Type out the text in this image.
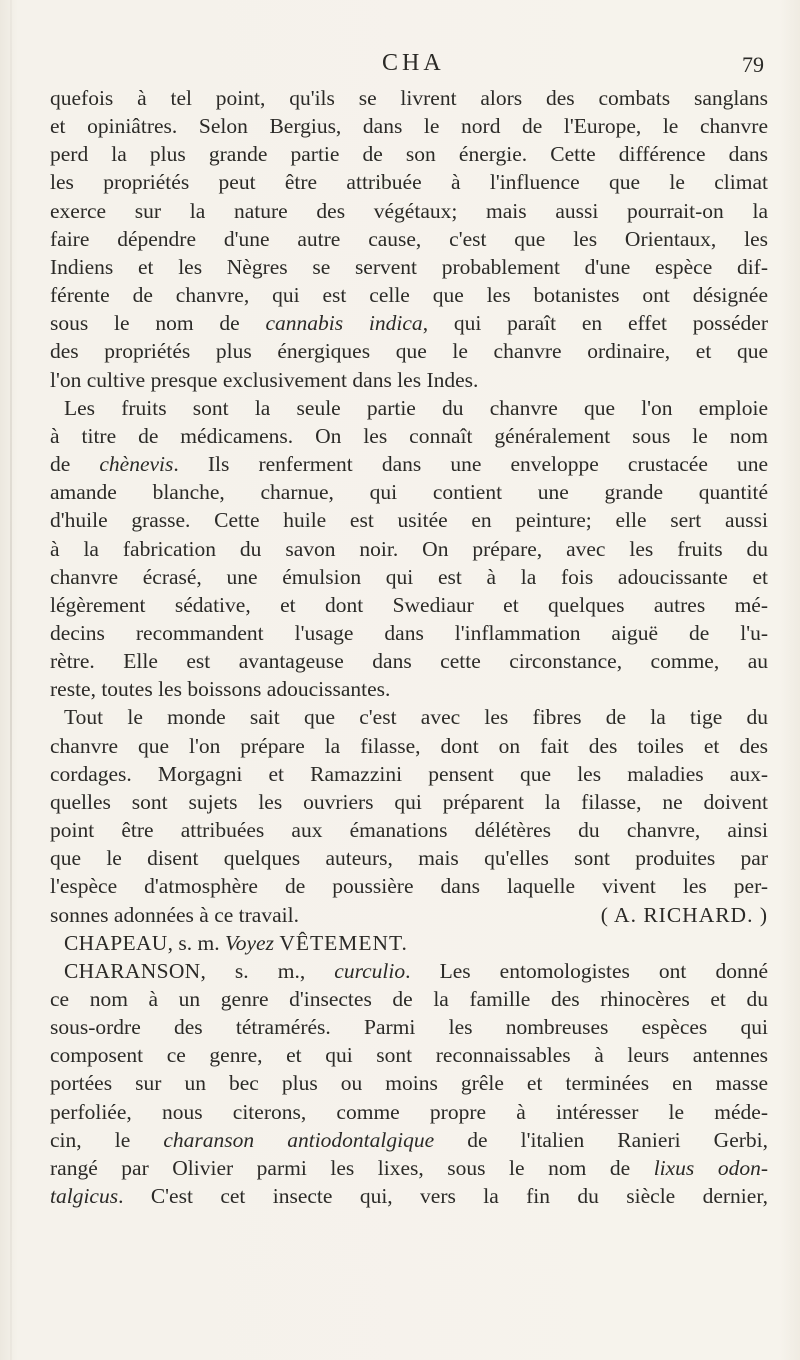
CHA	79

quefois à tel point, qu'ils se livrent alors des combats sanglans
et opiniâtres. Selon Bergius, dans le nord de l'Europe, le chanvre
perd la plus grande partie de son énergie. Cette différence dans
les propriétés peut être attribuée à l'influence que le climat
exerce sur la nature des végétaux; mais aussi pourrait-on la
faire dépendre d'une autre cause, c'est que les Orientaux, les
Indiens et les Nègres se servent probablement d'une espèce dif-
férente de chanvre, qui est celle que les botanistes ont désignée
sous le nom de cannabis indica, qui paraît en effet posséder
des propriétés plus énergiques que le chanvre ordinaire, et que
l'on cultive presque exclusivement dans les Indes.

Les fruits sont la seule partie du chanvre que l'on emploie
à titre de médicamens. On les connaît généralement sous le nom
de chènevis. Ils renferment dans une enveloppe crustacée une
amande blanche, charnue, qui contient une grande quantité
d'huile grasse. Cette huile est usitée en peinture; elle sert aussi
à la fabrication du savon noir. On prépare, avec les fruits du
chanvre écrasé, une émulsion qui est à la fois adoucissante et
légèrement sédative, et dont Swediaur et quelques autres mé-
decins recommandent l'usage dans l'inflammation aiguë de l'u-
rètre. Elle est avantageuse dans cette circonstance, comme, au
reste, toutes les boissons adoucissantes.

Tout le monde sait que c'est avec les fibres de la tige du
chanvre que l'on prépare la filasse, dont on fait des toiles et des
cordages. Morgagni et Ramazzini pensent que les maladies aux-
quelles sont sujets les ouvriers qui préparent la filasse, ne doivent
point être attribuées aux émanations délétères du chanvre, ainsi
que le disent quelques auteurs, mais qu'elles sont produites par
l'espèce d'atmosphère de poussière dans laquelle vivent les per-
sonnes adonnées à ce travail.	( A. RICHARD. )

CHAPEAU, s. m. Voyez VÊTEMENT.

CHARANSON, s. m., curculio. Les entomologistes ont donné
ce nom à un genre d'insectes de la famille des rhinocères et du
sous-ordre des tétramérés. Parmi les nombreuses espèces qui
composent ce genre, et qui sont reconnaissables à leurs antennes
portées sur un bec plus ou moins grêle et terminées en masse
perfoliée, nous citerons, comme propre à intéresser le méde-
cin, le charanson antiodontalgique de l'italien Ranieri Gerbi,
rangé par Olivier parmi les lixes, sous le nom de lixus odon-
talgicus. C'est cet insecte qui, vers la fin du siècle dernier,
